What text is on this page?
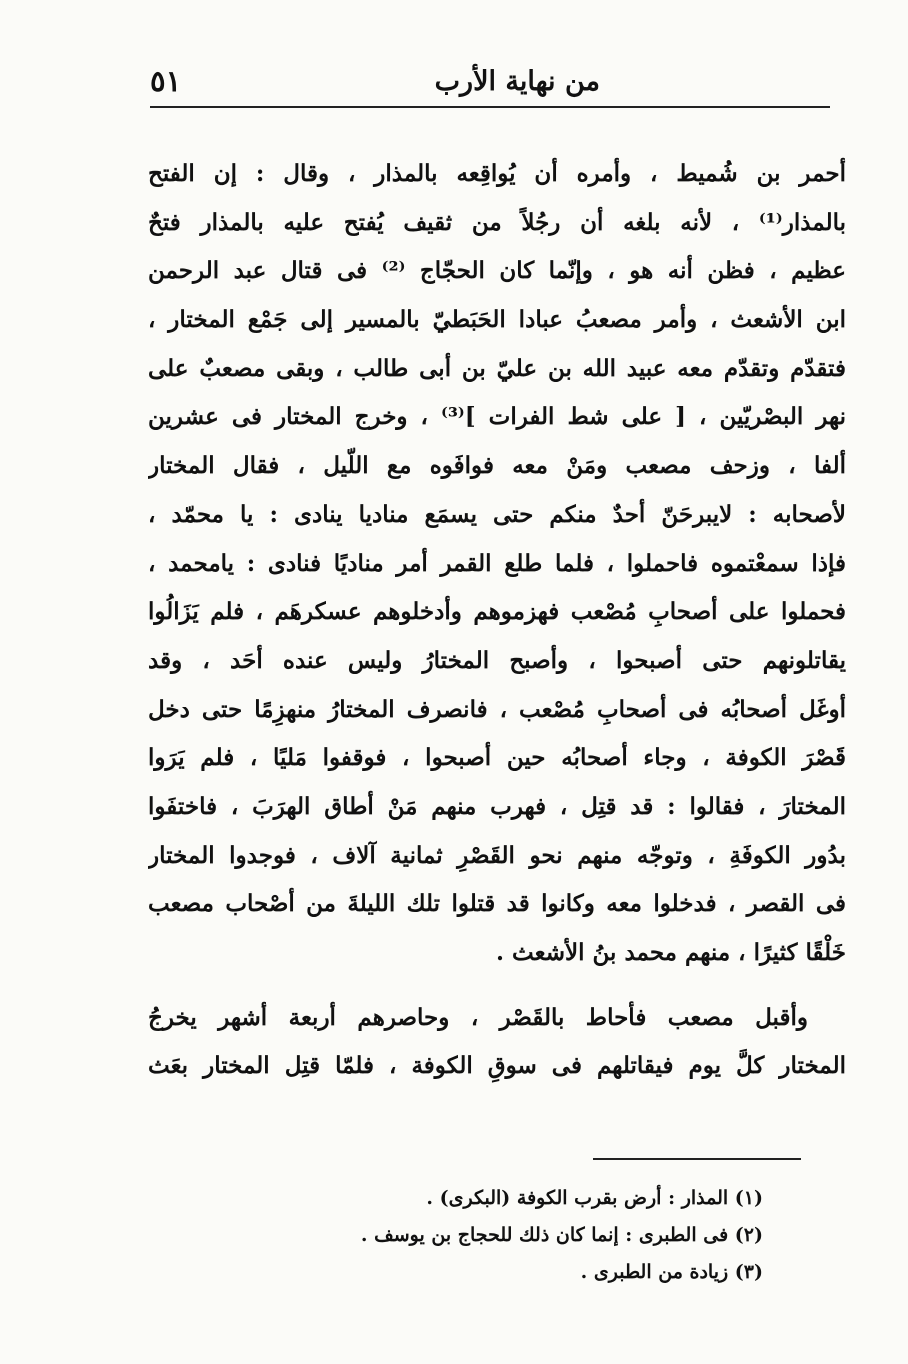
من نهاية الأرب
٥١
أحمر بن شُميط ، وأمره أن يُواقِعه بالمذار ، وقال : إن الفتح
بالمذار⁽¹⁾ ، لأنه بلغه أن رجُلاً من ثقيف يُفتح عليه بالمذار فتحٌ
عظيم ، فظن أنه هو ، وإنّما كان الحجّاج ⁽²⁾ فى قتال عبد الرحمن
ابن الأشعث ، وأمر مصعبُ عبادا الحَبَطيّ بالمسير إلى جَمْع المختار ،
فتقدّم وتقدّم معه عبيد الله بن عليّ بن أبى طالب ، وبقى مصعبٌ على
نهر البصْريّين ، [ على شط الفرات ]⁽³⁾ ، وخرج المختار فى عشرين
ألفا ، وزحف مصعب ومَنْ معه فوافَوه مع اللّيل ، فقال المختار
لأصحابه : لايبرحَنّ أحدٌ منكم حتى يسمَع مناديا ينادى : يا محمّد ،
فإذا سمعْتموه فاحملوا ، فلما طلع القمر أمر مناديًا فنادى : يامحمد ،
فحملوا على أصحابِ مُصْعب فهزموهم وأدخلوهم عسكرهَم ، فلم يَزَالُوا
يقاتلونهم حتى أصبحوا ، وأصبح المختارُ وليس عنده أحَد ، وقد
أوغَل أصحابُه فى أصحابِ مُصْعب ، فانصرف المختارُ منهزِمًا حتى دخل
قَصْرَ الكوفة ، وجاء أصحابُه حين أصبحوا ، فوقفوا مَليًا ، فلم يَرَوا
المختارَ ، فقالوا : قد قتِل ، فهرب منهم مَنْ أطاق الهرَبَ ، فاختفَوا
بدُور الكوفَةِ ، وتوجّه منهم نحو القَصْرِ ثمانية آلاف ، فوجدوا المختار
فى القصر ، فدخلوا معه وكانوا قد قتلوا تلك الليلةَ من أصْحاب مصعب
خَلْقًا كثيرًا ، منهم محمد بنُ الأشعث .
وأقبل مصعب فأحاط بالقَصْر ، وحاصرهم أربعة أشهر يخرجُ
المختار كلَّ يوم فيقاتلهم فى سوقِ الكوفة ، فلمّا قتِل المختار بعَث
(١) المذار : أرض بقرب الكوفة (البكرى) .
(٢) فى الطبرى : إنما كان ذلك للحجاج بن يوسف .
(٣) زيادة من الطبرى .
